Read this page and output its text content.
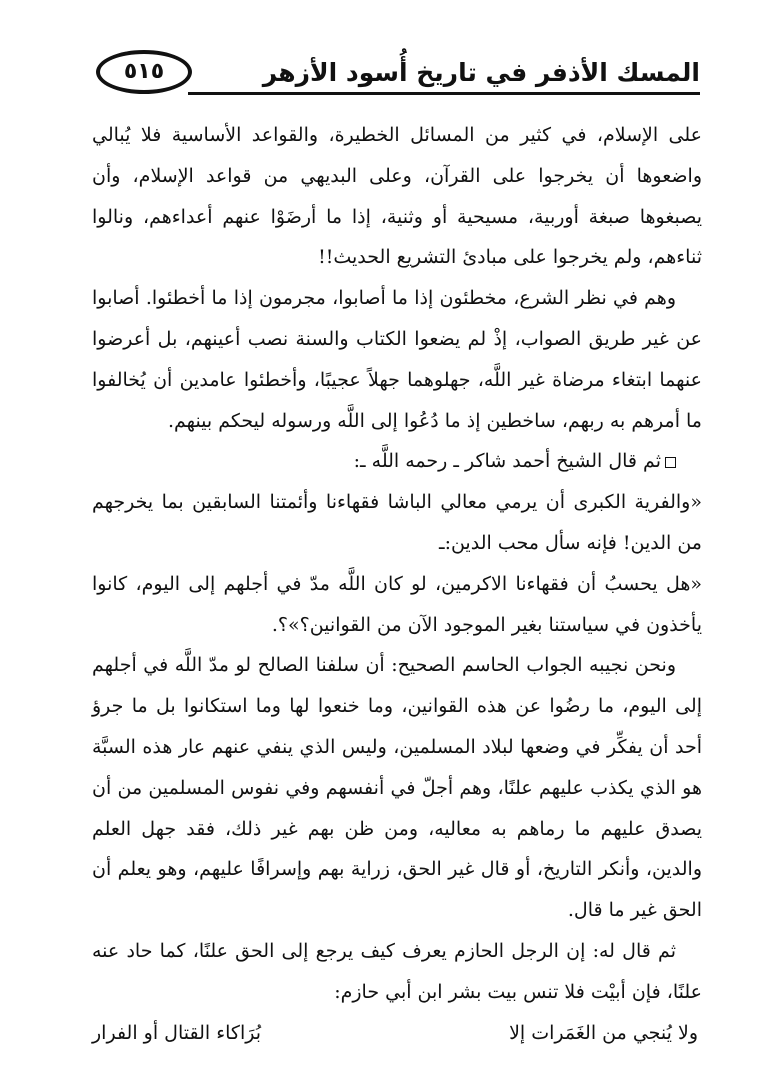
المسك الأذفر في تاريخ أُسود الأزهر
٥١٥

على الإسلام، في كثير من المسائل الخطيرة، والقواعد الأساسية فلا يُبالي واضعوها أن يخرجوا على القرآن، وعلى البديهي من قواعد الإسلام، وأن يصبغوها صبغة أوربية، مسيحية أو وثنية، إذا ما أرضَوْا عنهم أعداءهم، ونالوا ثناءهم، ولم يخرجوا على مبادئ التشريع الحديث!!

وهم في نظر الشرع، مخطئون إذا ما أصابوا، مجرمون إذا ما أخطئوا. أصابوا عن غير طريق الصواب، إذْ لم يضعوا الكتاب والسنة نصب أعينهم، بل أعرضوا عنهما ابتغاء مرضاة غير اللَّه، جهلوهما جهلاً عجيبًا، وأخطئوا عامدين أن يُخالفوا ما أمرهم به ربهم، ساخطين إذ ما دُعُوا إلى اللَّه ورسوله ليحكم بينهم.

ثم قال الشيخ أحمد شاكر ـ رحمه اللَّه ـ:

«والفرية الكبرى أن يرمي معالي الباشا فقهاءنا وأئمتنا السابقين بما يخرجهم من الدين! فإنه سأل محب الدين:ـ

«هل يحسبُ أن فقهاءنا الاكرمين، لو كان اللَّه مدّ في أجلهم إلى اليوم، كانوا يأخذون في سياستنا بغير الموجود الآن من القوانين؟»؟.

ونحن نجيبه الجواب الحاسم الصحيح: أن سلفنا الصالح لو مدّ اللَّه في أجلهم إلى اليوم، ما رضُوا عن هذه القوانين، وما خنعوا لها وما استكانوا بل ما جرؤ أحد أن يفكِّر في وضعها لبلاد المسلمين، وليس الذي ينفي عنهم عار هذه السبَّة هو الذي يكذب عليهم علنًا، وهم أجلّ في أنفسهم وفي نفوس المسلمين من أن يصدق عليهم ما رماهم به معاليه، ومن ظن بهم غير ذلك، فقد جهل العلم والدين، وأنكر التاريخ، أو قال غير الحق، زراية بهم وإسرافًا عليهم، وهو يعلم أن الحق غير ما قال.

ثم قال له: إن الرجل الحازم يعرف كيف يرجع إلى الحق علنًا، كما حاد عنه علنًا، فإن أبيْت فلا تنس بيت بشر ابن أبي حازم:

ولا يُنجي من الغَمَرات إلا
بُرَاكاء القتال أو الفرار
